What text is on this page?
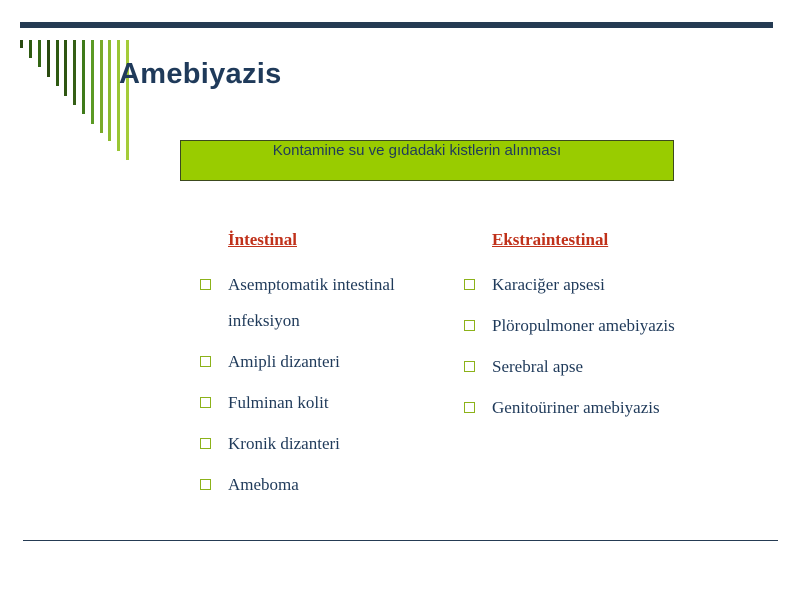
Amebiyazis
Kontamine su ve gıdadaki kistlerin alınması
İntestinal
Asemptomatik intestinal infeksiyon
Amipli dizanteri
Fulminan kolit
Kronik dizanteri
Ameboma
Ekstraintestinal
Karaciğer apsesi
Plöropulmoner amebiyazis
Serebral apse
Genitoüriner amebiyazis
